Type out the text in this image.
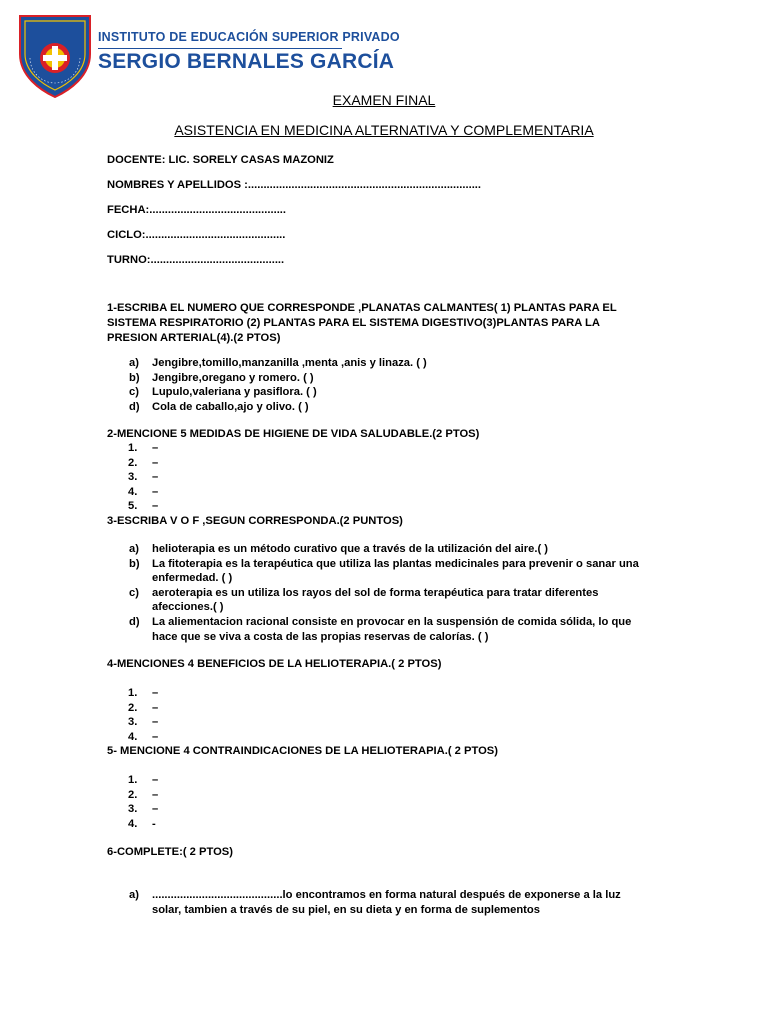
INSTITUTO DE EDUCACIÓN SUPERIOR PRIVADO
SERGIO BERNALES GARCÍA
EXAMEN FINAL
ASISTENCIA EN MEDICINA ALTERNATIVA Y COMPLEMENTARIA
DOCENTE: LIC. SORELY CASAS MAZONIZ
NOMBRES Y APELLIDOS :...........................................................................
FECHA:............................................
CICLO:.............................................
TURNO:...........................................
1-ESCRIBA EL NUMERO QUE CORRESPONDE ,PLANATAS CALMANTES( 1) PLANTAS PARA EL SISTEMA RESPIRATORIO (2) PLANTAS PARA EL SISTEMA DIGESTIVO(3)PLANTAS PARA LA PRESION ARTERIAL(4).(2 PTOS)
a)	Jengibre,tomillo,manzanilla ,menta ,anis y linaza. ( )
b)	Jengibre,oregano y romero. ( )
c)	Lupulo,valeriana y pasiflora. ( )
d)	Cola de caballo,ajo y olivo. ( )
2-MENCIONE 5 MEDIDAS DE HIGIENE DE VIDA SALUDABLE.(2 PTOS)
1.	–
2.	–
3.	–
4.	–
5.	–
3-ESCRIBA V O F ,SEGUN CORRESPONDA.(2 PUNTOS)
a)	helioterapia es un método curativo que a través de la utilización del aire.( )
b)	La fitoterapia es la terapéutica que utiliza las plantas medicinales para prevenir o sanar una enfermedad. ( )
c)	aeroterapia es un utiliza los rayos del sol de forma terapéutica para tratar diferentes afecciones.( )
d)	La aliementacion racional consiste en provocar en la suspensión de comida sólida, lo que hace que se viva a costa de las propias reservas de calorías. ( )
4-MENCIONES 4 BENEFICIOS DE LA HELIOTERAPIA.( 2 PTOS)
1.	–
2.	–
3.	–
4.	–
5- MENCIONE 4 CONTRAINDICACIONES DE LA HELIOTERAPIA.( 2 PTOS)
1.	–
2.	–
3.	–
4.	-
6-COMPLETE:( 2 PTOS)
a)	..........................................lo encontramos en forma natural después de exponerse a la luz solar, tambien a través de su piel, en su dieta y en forma de suplementos
